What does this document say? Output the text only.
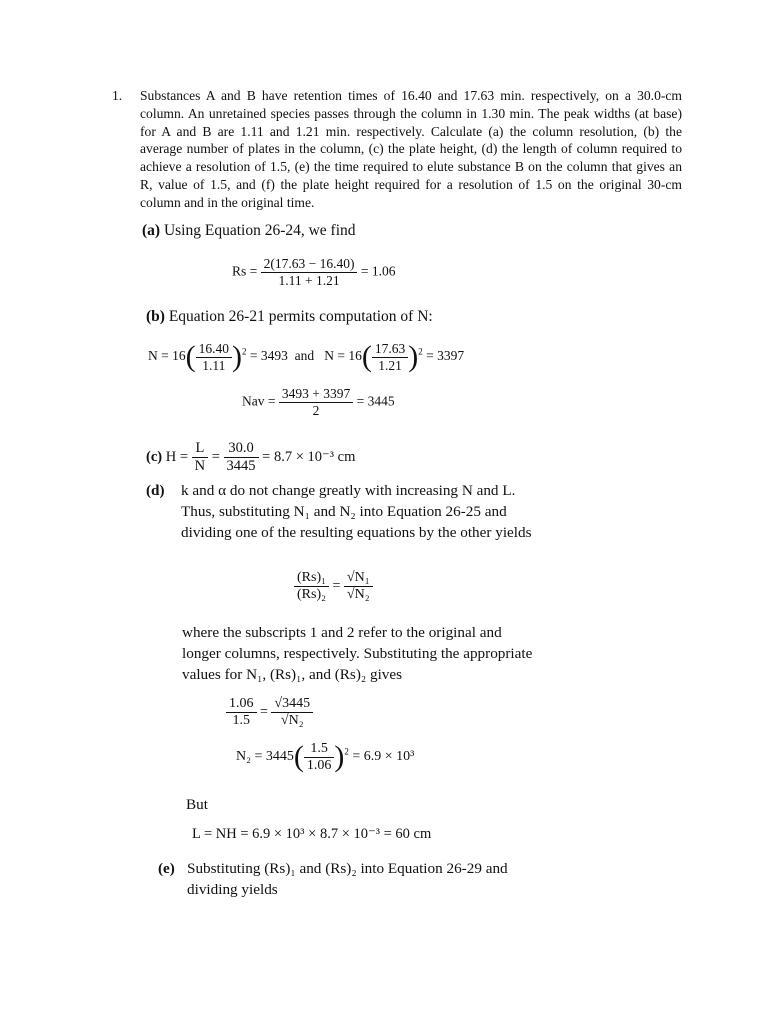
1. Substances A and B have retention times of 16.40 and 17.63 min. respectively, on a 30.0-cm column. An unretained species passes through the column in 1.30 min. The peak widths (at base) for A and B are 1.11 and 1.21 min. respectively. Calculate (a) the column resolution, (b) the average number of plates in the column, (c) the plate height, (d) the length of column required to achieve a resolution of 1.5, (e) the time required to elute substance B on the column that gives an R, value of 1.5, and (f) the plate height required for a resolution of 1.5 on the original 30-cm column and in the original time.
(a) Using Equation 26-24, we find
$Rs = \frac{2(17.63 - 16.40)}{1.11 + 1.21} = 1.06$
(b) Equation 26-21 permits computation of N:
$N = 16( \frac{16.40}{1.11} )^2 = 3493$ and $N = 16( \frac{17.63}{1.21} )^2 = 3397$
Nav = $\frac{3493 + 3397}{2} = 3445$
(c) $H = \frac{L}{N} = \frac{30.0}{3445} = 8.7 \times 10^{-3}$ cm
(d) k and α do not change greatly with increasing N and L. Thus, substituting N₁ and N₂ into Equation 26-25 and dividing one of the resulting equations by the other yields
$\frac{\text{(Rs)₁}}{\text{(Rs)₂}} = \frac{\text{√N₁}}{\text{√N₂}}$
where the subscripts 1 and 2 refer to the original and longer columns, respectively. Substituting the appropriate values for N₁, (Rs)₁, and (Rs)₂ gives
$\frac{1.06}{1.5} = \frac{√3445}{\text{√N₂}}$
$N_2 = 3445( \frac{1.5}{1.06} )^2 = 6.9 \times 10^3$
But
L = NH = 6.9 × 10³ × 8.7 × 10⁻³ = 60 cm
(e) Substituting (Rs)₁ and (Rs)₂ into Equation 26-29 and dividing yields
